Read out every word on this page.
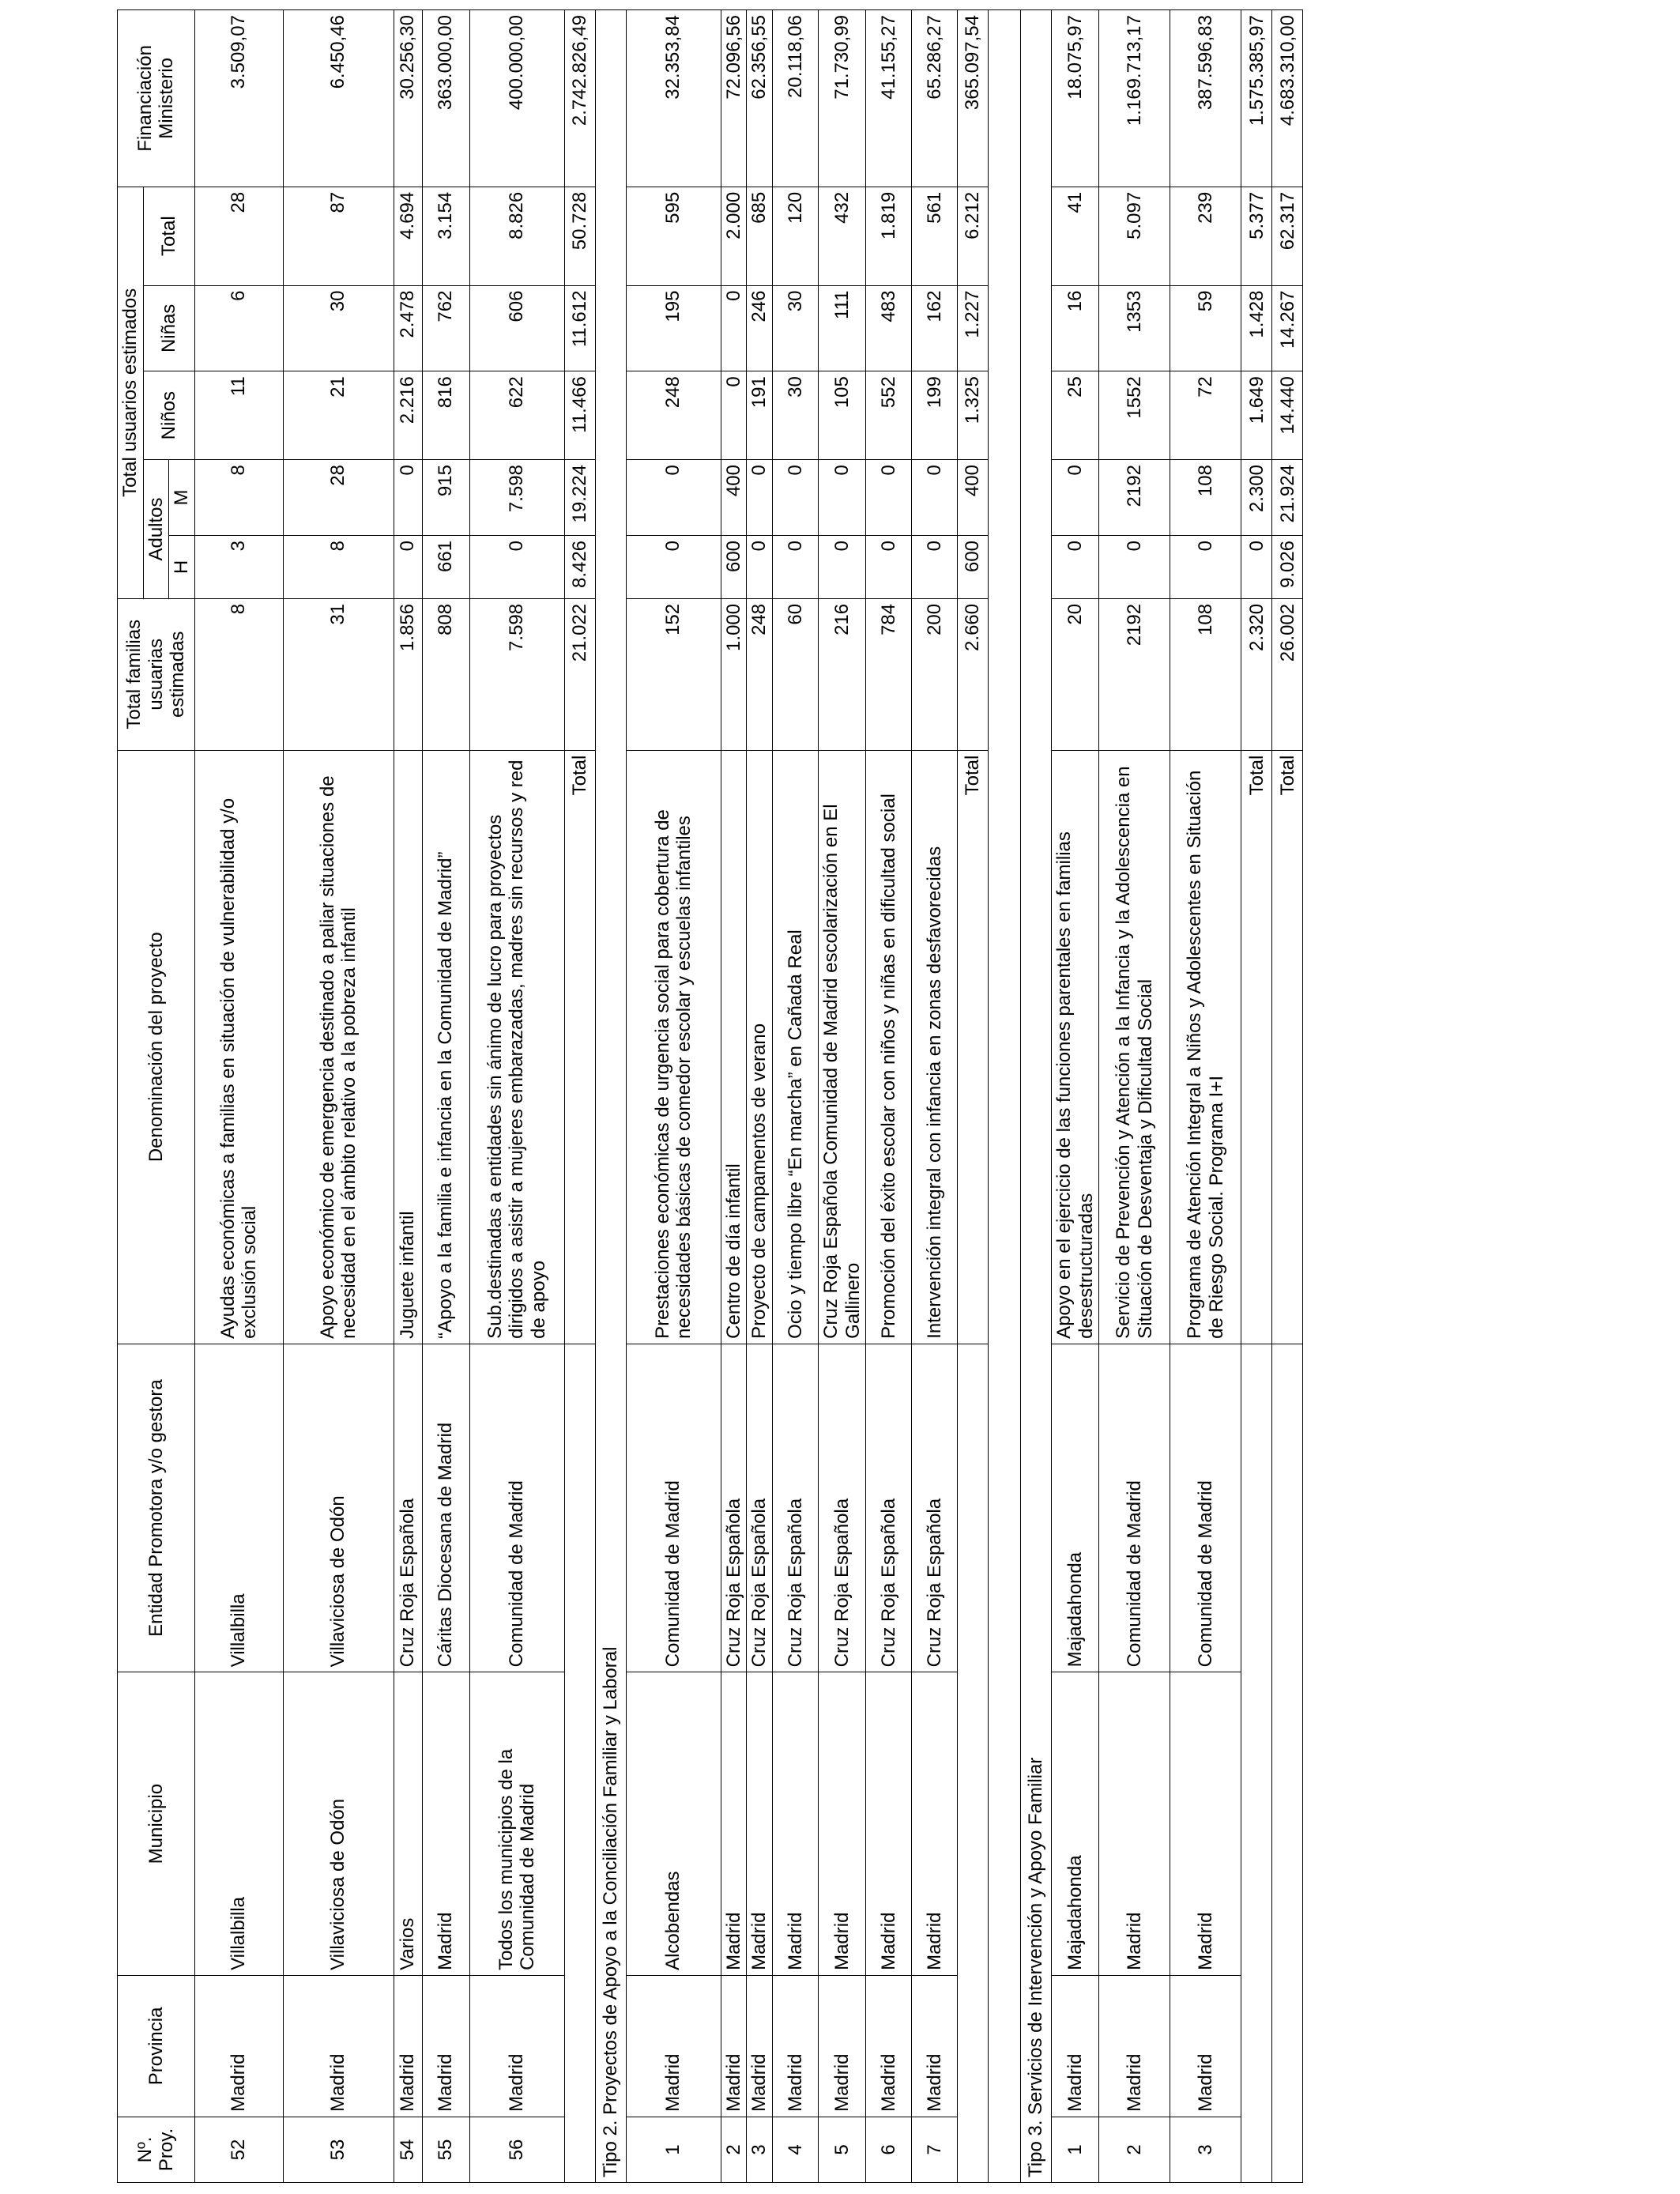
Nº.
Proy.	Provincia	Municipio	Entidad Promotora y/o gestora	Denominación del proyecto	Total familias usuarias estimadas	Total usuarios estimados					Financiación Ministerio
						Adultos		Niños	Niñas	Total	
						H	M				
52	Madrid	Villalbilla	Villalbilla	Ayudas económicas a familias en situación de vulnerabilidad y/o exclusión social	8	3	8	11	6	28	3.509,07
53	Madrid	Villaviciosa de Odón	Villaviciosa de Odón	Apoyo económico de emergencia destinado a paliar situaciones de necesidad en el ámbito relativo a la pobreza infantil	31	8	28	21	30	87	6.450,46
54	Madrid	Varios	Cruz Roja Española	Juguete infantil	1.856	0	0	2.216	2.478	4.694	30.256,30
55	Madrid	Madrid	Cáritas Diocesana de Madrid	“Apoyo a la familia e infancia en la Comunidad de Madrid”	808	661	915	816	762	3.154	363.000,00
56	Madrid	Todos los municipios de la Comunidad de Madrid	Comunidad de Madrid	Sub.destinadas a entidades sin ánimo de lucro para proyectos dirigidos a asistir a mujeres embarazadas, madres sin recursos y red de apoyo	7.598	0	7.598	622	606	8.826	400.000,00
				Total	21.022	8.426	19.224	11.466	11.612	50.728	2.742.826,49
Tipo 2. Proyectos de Apoyo a la Conciliación Familiar y Laboral											
1	Madrid	Alcobendas	Comunidad de Madrid	Prestaciones económicas de urgencia social para cobertura de necesidades básicas de comedor escolar y escuelas infantiles	152	0	0	248	195	595	32.353,84
2	Madrid	Madrid	Cruz Roja Española	Centro de día infantil	1.000	600	400	0	0	2.000	72.096,56
3	Madrid	Madrid	Cruz Roja Española	Proyecto de campamentos de verano	248	0	0	191	246	685	62.356,55
4	Madrid	Madrid	Cruz Roja Española	Ocio y tiempo libre “En marcha” en Cañada Real	60	0	0	30	30	120	20.118,06
5	Madrid	Madrid	Cruz Roja Española	Cruz Roja Española Comunidad de Madrid escolarización en El Gallinero	216	0	0	105	111	432	71.730,99
6	Madrid	Madrid	Cruz Roja Española	Promoción del éxito escolar con niños y niñas en dificultad social	784	0	0	552	483	1.819	41.155,27
7	Madrid	Madrid	Cruz Roja Española	Intervención integral con infancia en zonas desfavorecidas	200	0	0	199	162	561	65.286,27
				Total	2.660	600	400	1.325	1.227	6.212	365.097,54

Tipo 3. Servicios de Intervención y Apoyo Familiar											
1	Madrid	Majadahonda	Majadahonda	Apoyo en el ejercicio de las funciones parentales en familias desestructuradas	20	0	0	25	16	41	18.075,97
2	Madrid	Madrid	Comunidad de Madrid	Servicio de Prevención y Atención a la Infancia y la Adolescencia en Situación de Desventaja y Dificultad Social	2192	0	2192	1552	1353	5.097	1.169.713,17
3	Madrid	Madrid	Comunidad de Madrid	Programa de Atención Integral a Niños y Adolescentes en Situación de Riesgo Social. Programa I+I	108	0	108	72	59	239	387.596,83
				Total	2.320	0	2.300	1.649	1.428	5.377	1.575.385,97
				Total	26.002	9.026	21.924	14.440	14.267	62.317	4.683.310,00
